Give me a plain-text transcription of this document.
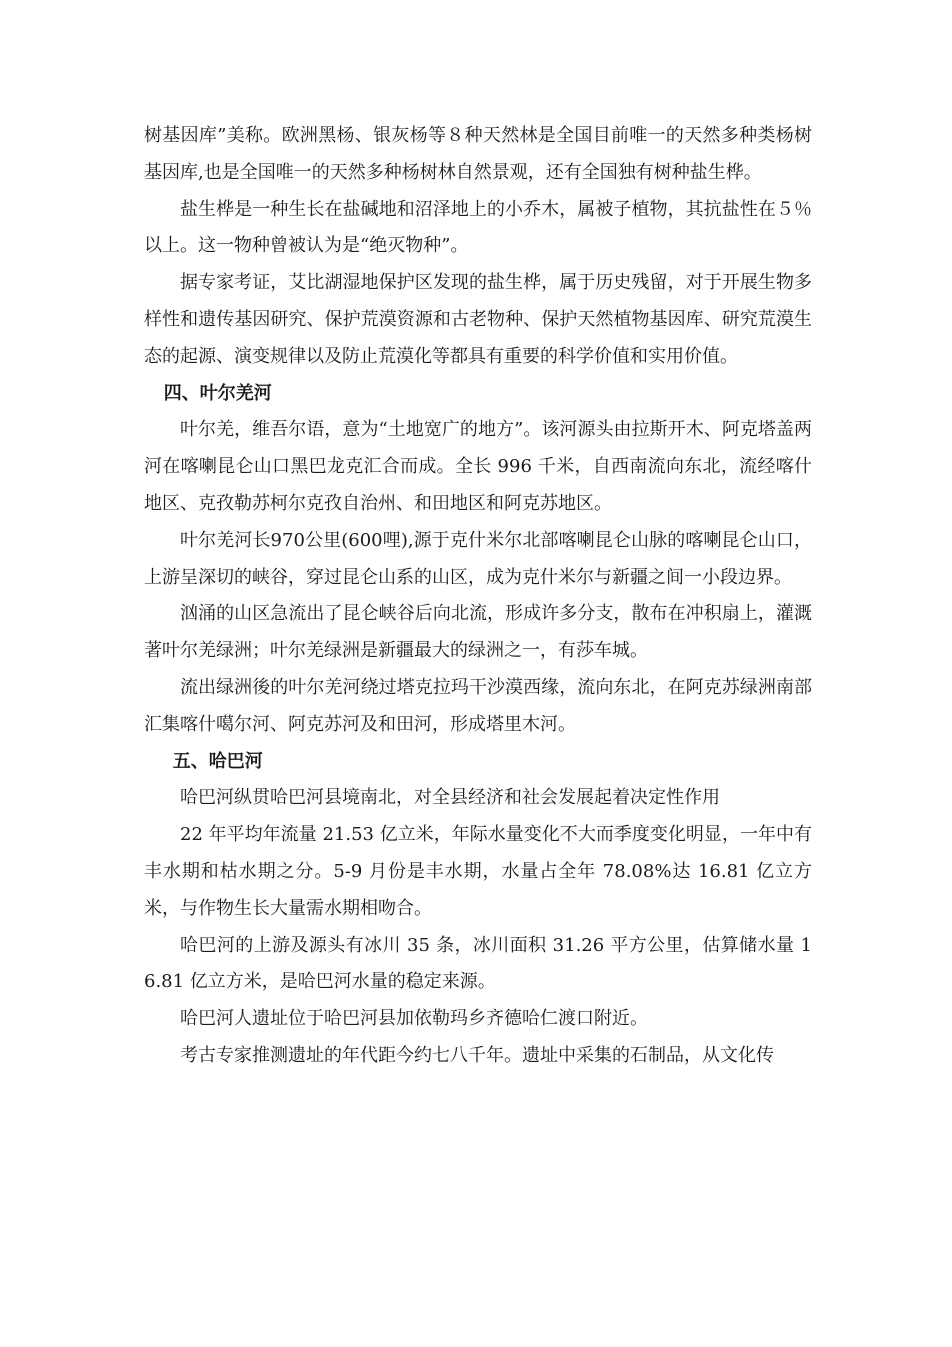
树基因库”美称。欧洲黑杨、银灰杨等８种天然林是全国目前唯一的天然多种类杨树基因库,也是全国唯一的天然多种杨树林自然景观，还有全国独有树种盐生桦。

盐生桦是一种生长在盐碱地和沼泽地上的小乔木，属被子植物，其抗盐性在５％以上。这一物种曾被认为是“绝灭物种”。

据专家考证，艾比湖湿地保护区发现的盐生桦，属于历史残留，对于开展生物多样性和遗传基因研究、保护荒漠资源和古老物种、保护天然植物基因库、研究荒漠生态的起源、演变规律以及防止荒漠化等都具有重要的科学价值和实用价值。

四、叶尔羌河

叶尔羌，维吾尔语，意为“土地宽广的地方”。该河源头由拉斯开木、阿克塔盖两河在喀喇昆仑山口黑巴龙克汇合而成。全长 996 千米，自西南流向东北，流经喀什地区、克孜勒苏柯尔克孜自治州、和田地区和阿克苏地区。

叶尔羌河长970公里(600哩),源于克什米尔北部喀喇昆仑山脉的喀喇昆仑山口，上游呈深切的峡谷，穿过昆仑山系的山区，成为克什米尔与新疆之间一小段边界。

汹涌的山区急流出了昆仑峡谷后向北流，形成许多分支，散布在冲积扇上，灌溉著叶尔羌绿洲；叶尔羌绿洲是新疆最大的绿洲之一，有莎车城。

流出绿洲後的叶尔羌河绕过塔克拉玛干沙漠西缘，流向东北，在阿克苏绿洲南部汇集喀什噶尔河、阿克苏河及和田河，形成塔里木河。

五、哈巴河

哈巴河纵贯哈巴河县境南北，对全县经济和社会发展起着决定性作用

22 年平均年流量 21.53 亿立米，年际水量变化不大而季度变化明显，一年中有丰水期和枯水期之分。5-9 月份是丰水期，水量占全年 78.08%达 16.81 亿立方米，与作物生长大量需水期相吻合。

哈巴河的上游及源头有冰川 35 条，冰川面积 31.26 平方公里，估算储水量 16.81 亿立方米，是哈巴河水量的稳定来源。

哈巴河人遗址位于哈巴河县加依勒玛乡齐德哈仁渡口附近。

考古专家推测遗址的年代距今约七八千年。遗址中采集的石制品，从文化传
